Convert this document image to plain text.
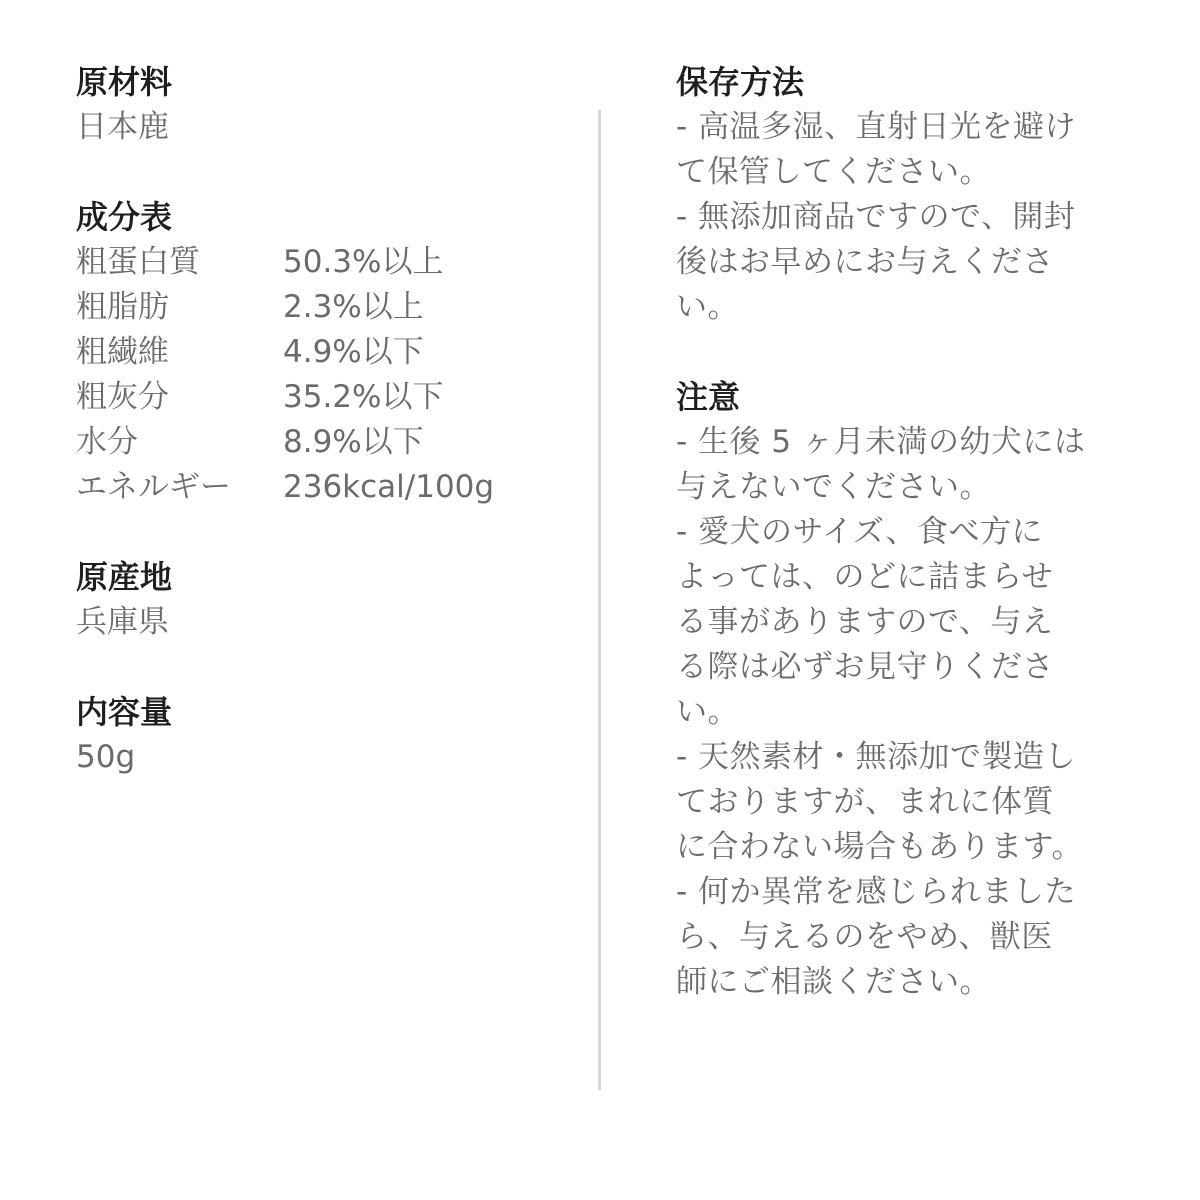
原材料
日本鹿
成分表
粗蛋白質	50.3%以上
粗脂肪	2.3%以上
粗繊維	4.9%以下
粗灰分	35.2%以下
水分	8.9%以下
エネルギー	236kcal/100g
原産地
兵庫県
内容量
50g
保存方法
- 高温多湿、直射日光を避け
て保管してください。
- 無添加商品ですので、開封
後はお早めにお与えくださ
い。
注意
- 生後 5 ヶ月未満の幼犬には
与えないでください。
- 愛犬のサイズ、食べ方に
よっては、のどに詰まらせ
る事がありますので、与え
る際は必ずお見守りくださ
い。
- 天然素材・無添加で製造し
ておりますが、まれに体質
に合わない場合もあります。
- 何か異常を感じられました
ら、与えるのをやめ、獣医
師にご相談ください。
